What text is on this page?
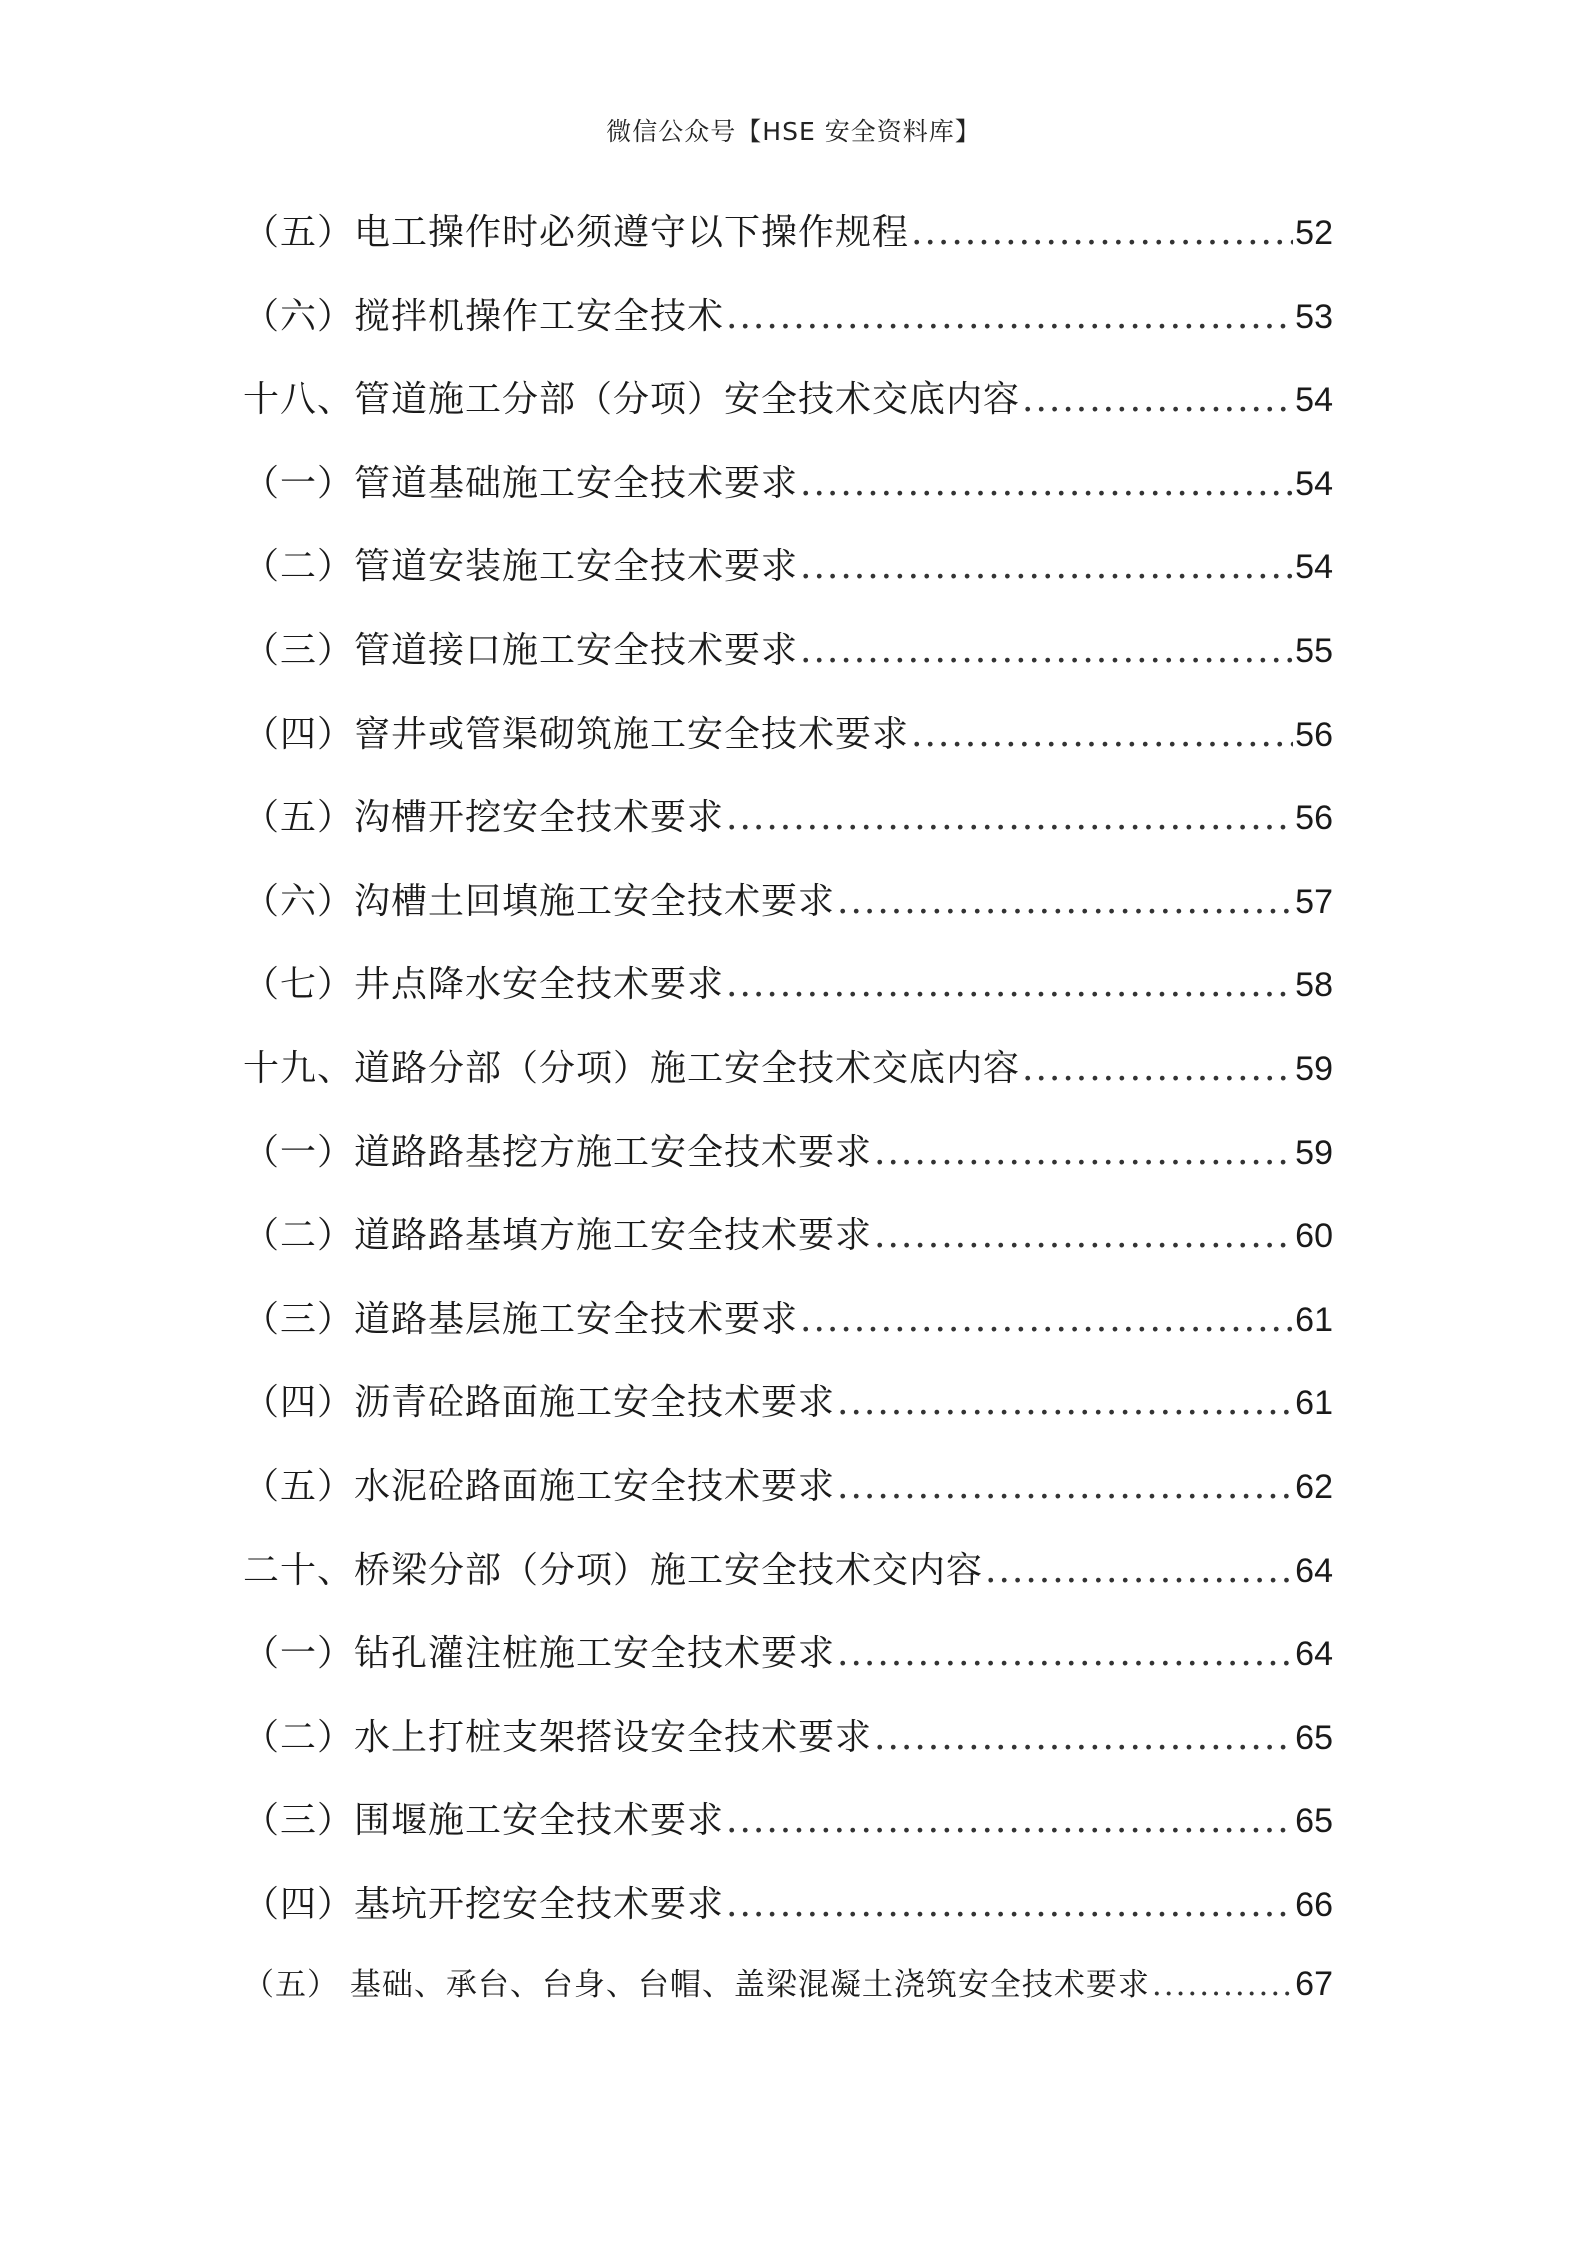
微信公众号【HSE 安全资料库】
（五）电工操作时必须遵守以下操作规程 .....	52
（六）搅拌机操作工安全技术 .....	53
十八、管道施工分部（分项）安全技术交底内容 .....	54
（一）管道基础施工安全技术要求 .....	54
（二）管道安装施工安全技术要求 .....	54
（三）管道接口施工安全技术要求 .....	55
（四）窨井或管渠砌筑施工安全技术要求 .....	56
（五）沟槽开挖安全技术要求 .....	56
（六）沟槽土回填施工安全技术要求 .....	57
（七）井点降水安全技术要求 .....	58
十九、道路分部（分项）施工安全技术交底内容 .....	59
（一）道路路基挖方施工安全技术要求 .....	59
（二）道路路基填方施工安全技术要求 .....	60
（三）道路基层施工安全技术要求 .....	61
（四）沥青砼路面施工安全技术要求 .....	61
（五）水泥砼路面施工安全技术要求 .....	62
二十、桥梁分部（分项）施工安全技术交内容 .....	64
（一）钻孔灌注桩施工安全技术要求 .....	64
（二）水上打桩支架搭设安全技术要求 .....	65
（三）围堰施工安全技术要求 .....	65
（四）基坑开挖安全技术要求 .....	66
（五） 基础、承台、台身、台帽、盖梁混凝土浇筑安全技术要求 .....	67
